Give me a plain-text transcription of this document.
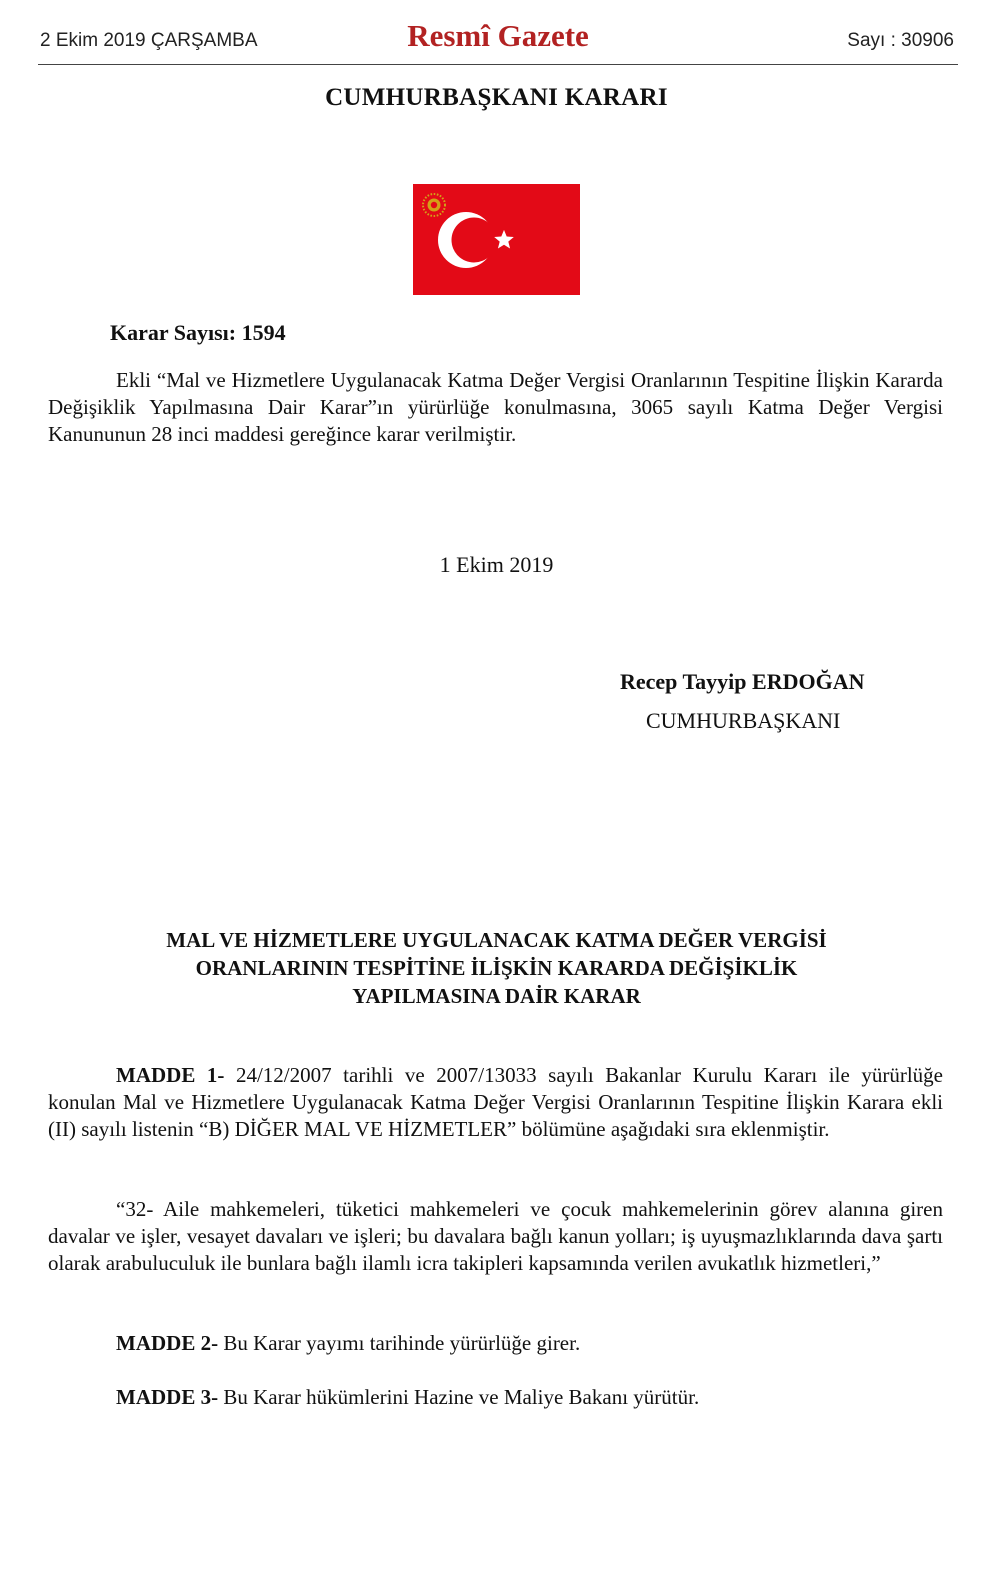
2 Ekim 2019 ÇARŞAMBA	Resmî Gazete	Sayı : 30906
CUMHURBAŞKANI KARARI
Karar Sayısı: 1594
Ekli “Mal ve Hizmetlere Uygulanacak Katma Değer Vergisi Oranlarının Tespitine İlişkin Kararda Değişiklik Yapılmasına Dair Karar”ın yürürlüğe konulmasına, 3065 sayılı Katma Değer Vergisi Kanununun 28 inci maddesi gereğince karar verilmiştir.
1 Ekim 2019
Recep Tayyip ERDOĞAN
CUMHURBAŞKANI
MAL VE HİZMETLERE UYGULANACAK KATMA DEĞER VERGİSİ
ORANLARININ TESPİTİNE İLİŞKİN KARARDA DEĞİŞİKLİK
YAPILMASINA DAİR KARAR
MADDE 1- 24/12/2007 tarihli ve 2007/13033 sayılı Bakanlar Kurulu Kararı ile yürürlüğe konulan Mal ve Hizmetlere Uygulanacak Katma Değer Vergisi Oranlarının Tespitine İlişkin Karara ekli (II) sayılı listenin “B) DİĞER MAL VE HİZMETLER” bölümüne aşağıdaki sıra eklenmiştir.
“32- Aile mahkemeleri, tüketici mahkemeleri ve çocuk mahkemelerinin görev alanına giren davalar ve işler, vesayet davaları ve işleri; bu davalara bağlı kanun yolları; iş uyuşmazlıklarında dava şartı olarak arabuluculuk ile bunlara bağlı ilamlı icra takipleri kapsamında verilen avukatlık hizmetleri,”
MADDE 2- Bu Karar yayımı tarihinde yürürlüğe girer.
MADDE 3- Bu Karar hükümlerini Hazine ve Maliye Bakanı yürütür.
